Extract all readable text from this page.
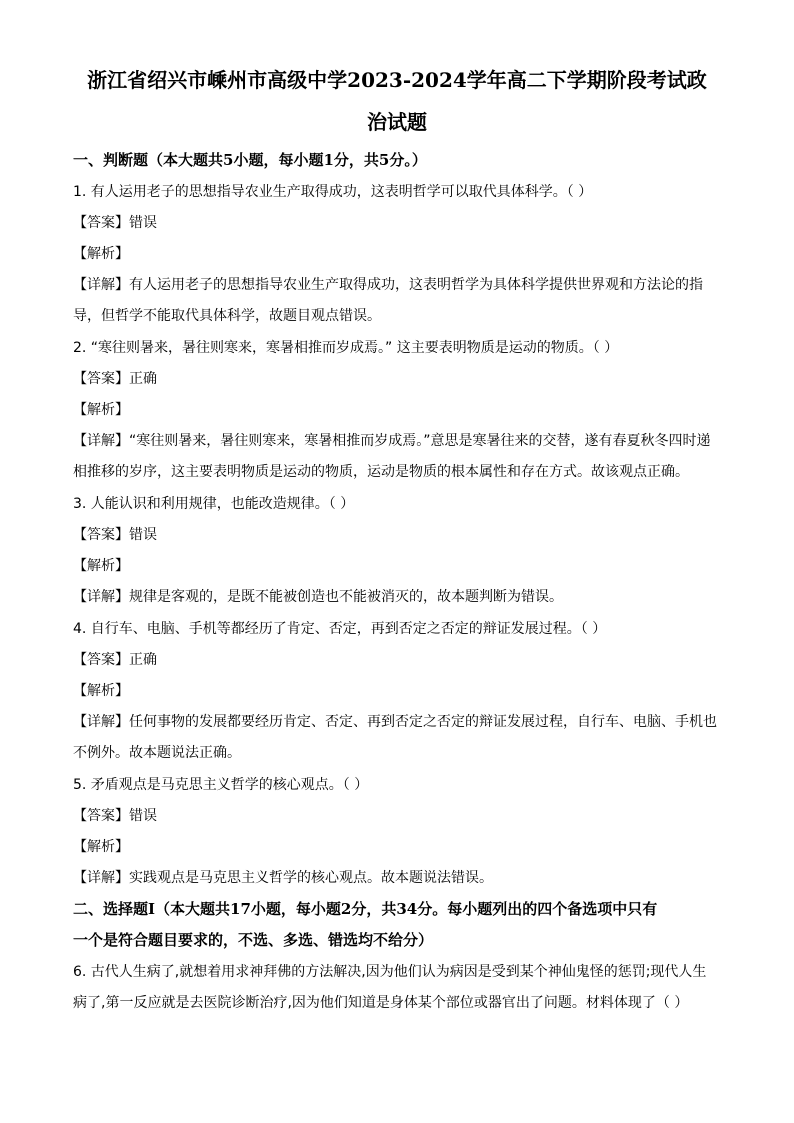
浙江省绍兴市嵊州市高级中学2023-2024学年高二下学期阶段考试政
治试题
一、判断题（本大题共5小题，每小题1分，共5分。）
1. 有人运用老子的思想指导农业生产取得成功，这表明哲学可以取代具体科学。（ ）
【答案】错误
【解析】
【详解】有人运用老子的思想指导农业生产取得成功，这表明哲学为具体科学提供世界观和方法论的指
导，但哲学不能取代具体科学，故题目观点错误。
2. “寒往则暑来，暑往则寒来，寒暑相推而岁成焉。” 这主要表明物质是运动的物质。（ ）
【答案】正确
【解析】
【详解】“寒往则暑来，暑往则寒来，寒暑相推而岁成焉。”意思是寒暑往来的交替，遂有春夏秋冬四时递
相推移的岁序，这主要表明物质是运动的物质，运动是物质的根本属性和存在方式。故该观点正确。
3. 人能认识和利用规律，也能改造规律。（ ）
【答案】错误
【解析】
【详解】规律是客观的，是既不能被创造也不能被消灭的，故本题判断为错误。
4. 自行车、电脑、手机等都经历了肯定、否定，再到否定之否定的辩证发展过程。（ ）
【答案】正确
【解析】
【详解】任何事物的发展都要经历肯定、否定、再到否定之否定的辩证发展过程，自行车、电脑、手机也
不例外。故本题说法正确。
5. 矛盾观点是马克思主义哲学的核心观点。（ ）
【答案】错误
【解析】
【详解】实践观点是马克思主义哲学的核心观点。故本题说法错误。
二、选择题Ⅰ（本大题共17小题，每小题2分，共34分。每小题列出的四个备选项中只有
一个是符合题目要求的，不选、多选、错选均不给分）
6. 古代人生病了,就想着用求神拜佛的方法解决,因为他们认为病因是受到某个神仙鬼怪的惩罚;现代人生
病了,第一反应就是去医院诊断治疗,因为他们知道是身体某个部位或器官出了问题。材料体现了（ ）
